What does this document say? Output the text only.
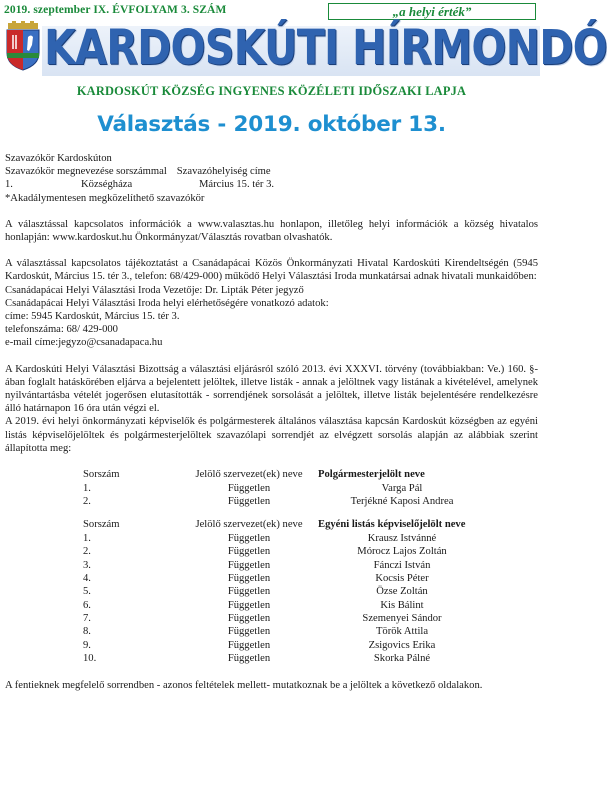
2019. szeptember IX. ÉVFOLYAM 3. SZÁM	„a helyi érték”
KARDOSKÚTI HÍRMONDÓ
KARDOSKÚT KÖZSÉG INGYENES KÖZÉLETI IDŐSZAKI LAPJA
Választás - 2019. október 13.
Szavazókör Kardoskúton
Szavazókör megnevezése sorszámmal Szavazóhelyiség címe
1.	Községháza	Március 15. tér 3.
*Akadálymentesen megközelíthető szavazókör

A választással kapcsolatos információk a www.valasztas.hu honlapon, illetőleg helyi információk a község hivatalos honlapján: www.kardoskut.hu Önkormányzat/Választás rovatban olvashatók.

A választással kapcsolatos tájékoztatást a Csanádapácai Közös Önkormányzati Hivatal Kardoskúti Kirendeltségén (5945 Kardoskút, Március 15. tér 3., telefon: 68/429-000) működő Helyi Választási Iroda munkatársai adnak hivatali munkaidőben:

Csanádapácai Helyi Választási Iroda Vezetője: Dr. Lipták Péter jegyző
Csanádapácai Helyi Választási Iroda helyi elérhetőségére vonatkozó adatok:
címe: 5945 Kardoskút, Március 15. tér 3.
telefonszáma: 68/ 429-000
e-mail címe:jegyzo@csanadapaca.hu

A Kardoskúti Helyi Választási Bizottság a választási eljárásról szóló 2013. évi XXXVI. törvény (továbbiakban: Ve.) 160. §-ában foglalt hatáskörében eljárva a bejelentett jelöltek, illetve listák - annak a jelöltnek vagy listának a kivételével, amelynek nyilvántartásba vételét jogerősen elutasították - sorrendjének sorsolását a jelöltek, illetve listák bejelentésére rendelkezésre álló határnapon 16 óra után végzi el.

A 2019. évi helyi önkormányzati képviselők és polgármesterek általános választása kapcsán Kardoskút községben az egyéni listás képviselőjelöltek és polgármesterjelöltek szavazólapi sorrendjét az elvégzett sorsolás alapján az alábbiak szerint állapította meg:

Sorszám	Jelölő szervezet(ek) neve	Polgármesterjelölt neve
1.	Független	Varga Pál
2.	Független	Terjékné Kaposi Andrea
Sorszám	Jelölő szervezet(ek) neve	Egyéni listás képviselőjelölt neve
1.	Független	Krausz Istvánné
2.	Független	Mórocz Lajos Zoltán
3.	Független	Fánczi István
4.	Független	Kocsis Péter
5.	Független	Özse Zoltán
6.	Független	Kis Bálint
7.	Független	Szemenyei Sándor
8.	Független	Török Attila
9.	Független	Zsigovics Erika
10.	Független	Skorka Pálné
A fentieknek megfelelő sorrendben - azonos feltételek mellett- mutatkoznak be a jelöltek a következő oldalakon.
